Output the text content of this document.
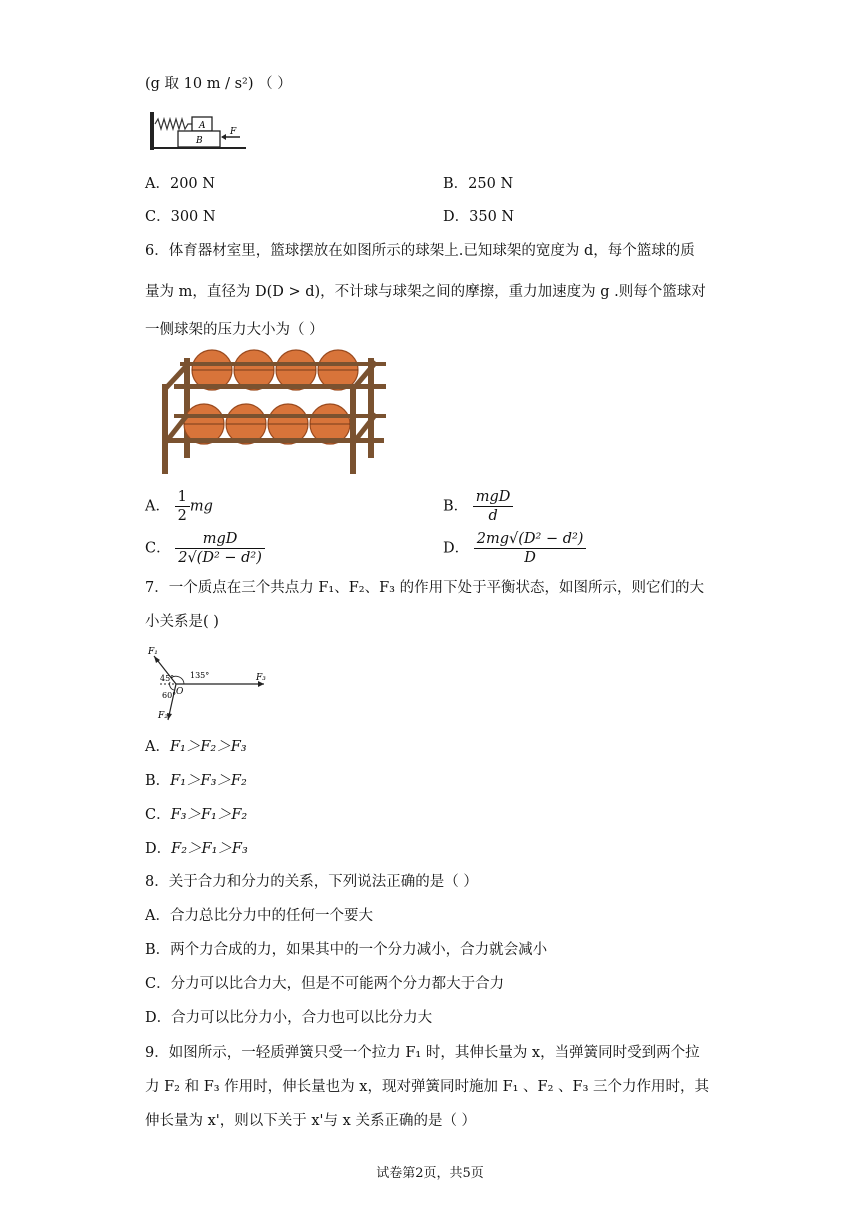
(g 取 10 m / s²) （ ）
A
B
F
A．200 N	B．250 N
C．300 N	D．350 N
6．体育器材室里，篮球摆放在如图所示的球架上.已知球架的宽度为 d，每个篮球的质
量为 m，直径为 D(D > d)，不计球与球架之间的摩擦，重力加速度为 g .则每个篮球对
一侧球架的压力大小为（ ）
A． $\frac{1}{2}$ mg	B． $\frac{\text{mgD}}{d}$
C． $\frac{\text{mgD}}{\text{2√(D² − d²)}}$	D． $\frac{\text{2mg√(D² − d²)}}{D}$
7．一个质点在三个共点力 F₁、F₂、F₃ 的作用下处于平衡状态，如图所示，则它们的大
小关系是( )
F₁
F₃
F₂
O
45° 135°
60°
A．F₁＞F₂＞F₃
B．F₁＞F₃＞F₂
C．F₃＞F₁＞F₂
D．F₂＞F₁＞F₃
8．关于合力和分力的关系，下列说法正确的是（ ）
A．合力总比分力中的任何一个要大
B．两个力合成的力，如果其中的一个分力减小，合力就会减小
C．分力可以比合力大，但是不可能两个分力都大于合力
D．合力可以比分力小，合力也可以比分力大
9．如图所示，一轻质弹簧只受一个拉力 F₁ 时，其伸长量为 x，当弹簧同时受到两个拉
力 F₂ 和 F₃ 作用时，伸长量也为 x，现对弹簧同时施加 F₁ 、F₂ 、F₃ 三个力作用时，其
伸长量为 x'，则以下关于 x'与 x 关系正确的是（ ）
试卷第2页，共5页
